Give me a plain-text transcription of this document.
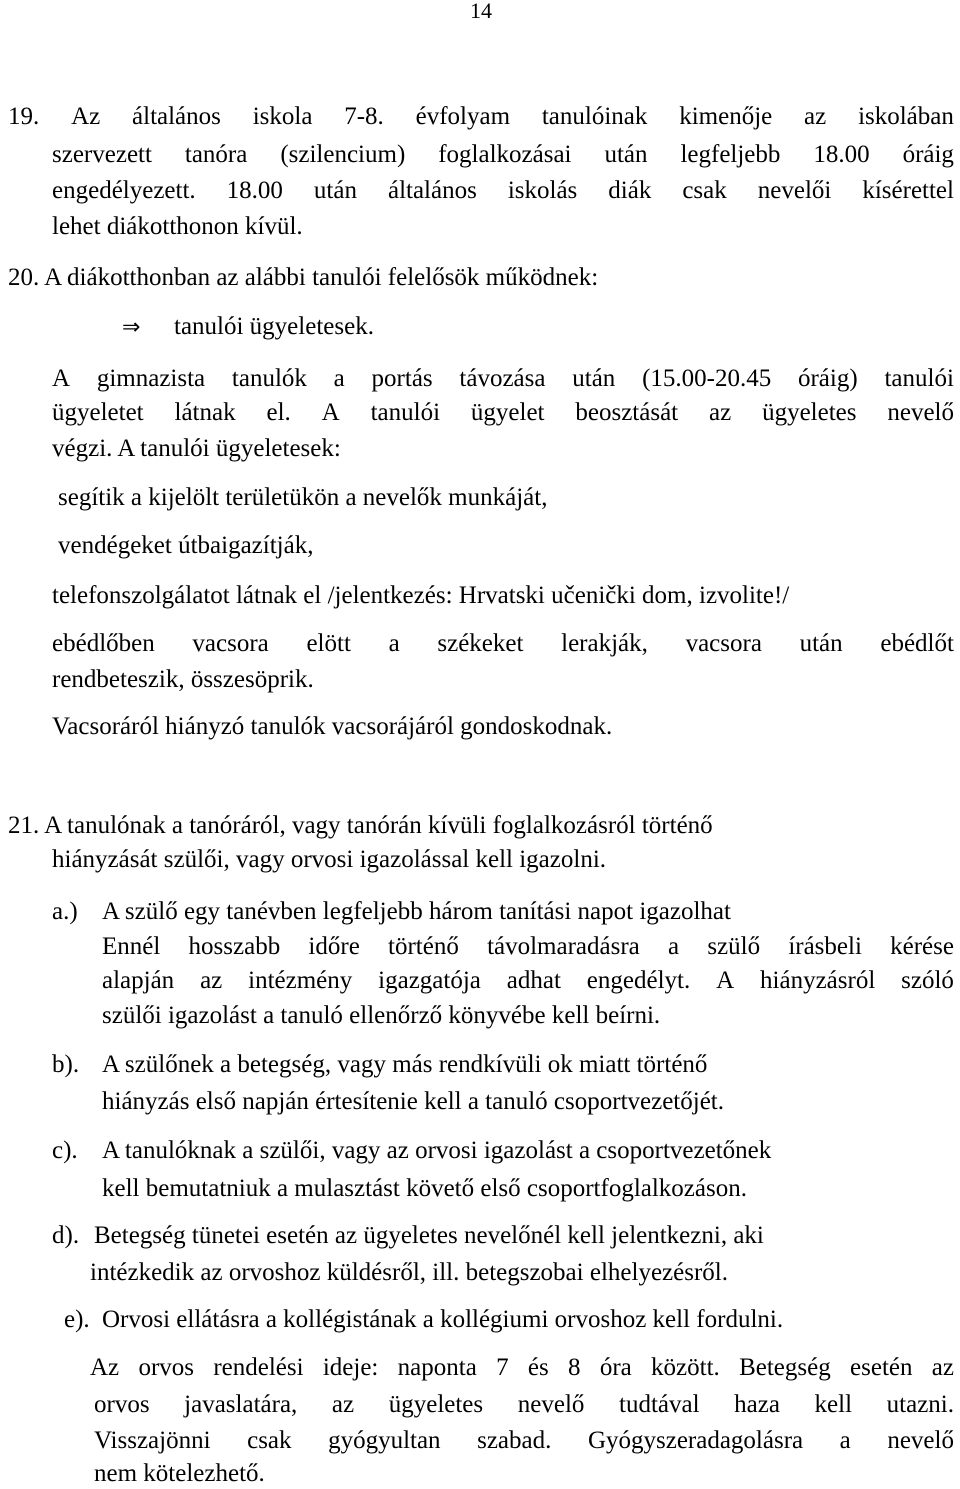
14
19. Az általános iskola 7-8. évfolyam tanulóinak kimenője az iskolában
szervezett tanóra (szilencium) foglalkozásai után legfeljebb 18.00 óráig
engedélyezett. 18.00 után általános iskolás diák csak nevelői kísérettel
lehet diákotthonon kívül.
20. A diákotthonban az alábbi tanulói felelősök működnek:
⇒ tanulói ügyeletesek.
A gimnazista tanulók a portás távozása után (15.00-20.45 óráig) tanulói
ügyeletet látnak el. A tanulói ügyelet beosztását az ügyeletes nevelő
végzi. A tanulói ügyeletesek:
segítik a kijelölt területükön a nevelők munkáját,
vendégeket útbaigazítják,
telefonszolgálatot látnak el /jelentkezés: Hrvatski učenički dom, izvolite!/
ebédlőben vacsora elött a székeket lerakják, vacsora után ebédlőt
rendbeteszik, összesöprik.
Vacsoráról hiányzó tanulók vacsorájáról gondoskodnak.
21. A tanulónak a tanóráról, vagy tanórán kívüli foglalkozásról történő
hiányzását szülői, vagy orvosi igazolással kell igazolni.
a.) A szülő egy tanévben legfeljebb három tanítási napot igazolhat
Ennél hosszabb időre történő távolmaradásra a szülő írásbeli kérése
alapján az intézmény igazgatója adhat engedélyt. A hiányzásról szóló
szülői igazolást a tanuló ellenőrző könyvébe kell beírni.
b). A szülőnek a betegség, vagy más rendkívüli ok miatt történő
hiányzás első napján értesítenie kell a tanuló csoportvezetőjét.
c). A tanulóknak a szülői, vagy az orvosi igazolást a csoportvezetőnek
kell bemutatniuk a mulasztást követő első csoportfoglalkozáson.
d). Betegség tünetei esetén az ügyeletes nevelőnél kell jelentkezni, aki
intézkedik az orvoshoz küldésről, ill. betegszobai elhelyezésről.
e). Orvosi ellátásra a kollégistának a kollégiumi orvoshoz kell fordulni.
Az orvos rendelési ideje: naponta 7 és 8 óra között. Betegség esetén az
orvos javaslatára, az ügyeletes nevelő tudtával haza kell utazni.
Visszajönni csak gyógyultan szabad. Gyógyszeradagolásra a nevelő
nem kötelezhető.
